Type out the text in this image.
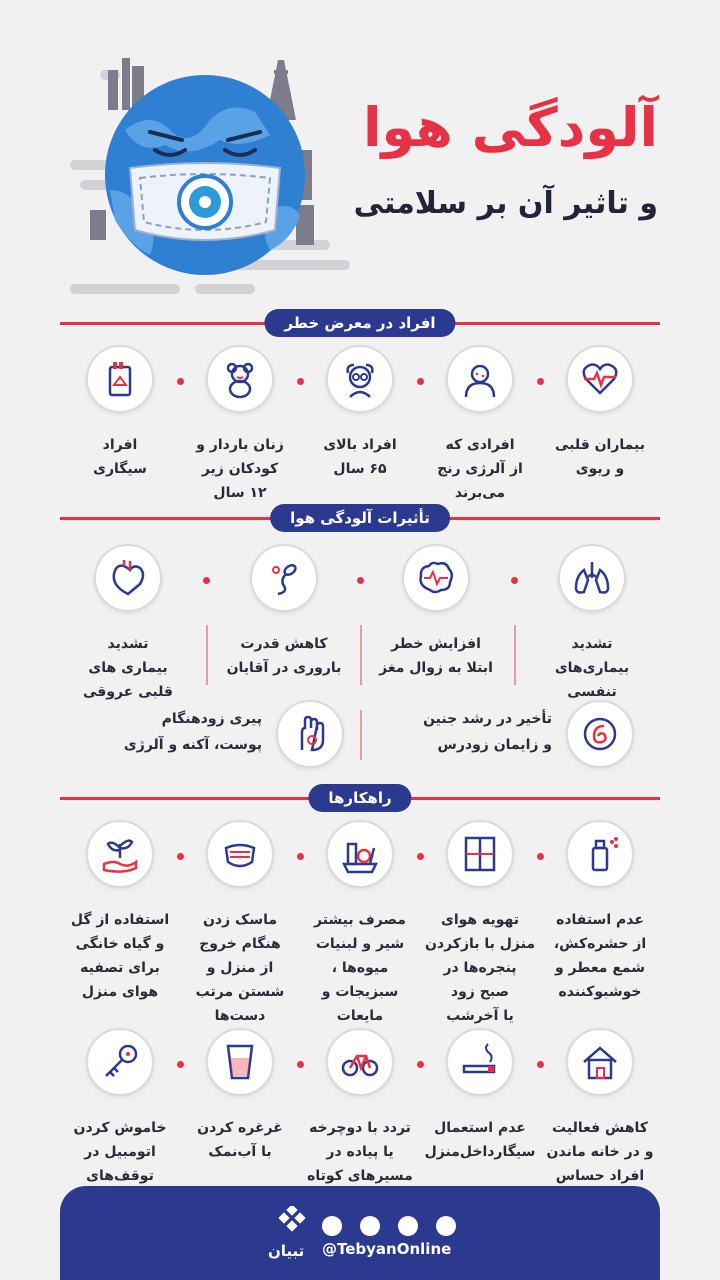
آلودگی هوا
و تاثیر آن بر سلامتی
افراد در معرض خطر
بیماران قلبی
و ریوی
افرادی که
از آلرژی رنج
می‌برند
افراد بالای
۶۵ سال
زنان باردار و
کودکان زیر
۱۲ سال
افراد
سیگاری
تأثیرات آلودگی هوا
تشدید
بیماری‌های
تنفسی
افزایش خطر
ابتلا به زوال مغز
کاهش قدرت
باروری در آقایان
تشدید
بیماری های
قلبی عروقی
تأخیر در رشد جنین
و زایمان زودرس
پیری زودهنگام
پوست، آکنه و آلرژی
راهکارها
عدم استفاده
از حشره‌کش،
شمع معطر و
خوشبوکننده
تهویه هوای
منزل با بازکردن
پنجره‌ها در
صبح زود
یا آخرشب
مصرف بیشتر
شیر و لبنیات
میوه‌ها ،
سبزیجات و
مایعات
ماسک زدن
هنگام خروج
از منزل و
شستن مرتب
دست‌ها
استفاده از گل
و گیاه خانگی
برای تصفیه
هوای منزل
کاهش فعالیت
و در خانه ماندن
افراد حساس
عدم استعمال
سیگارداخل‌منزل
تردد با دوچرخه
یا پیاده در
مسیرهای کوتاه
غرغره کردن
با آب‌نمک
خاموش کردن
اتومبیل در
توقف‌های
تبیان @TebyanOnline
